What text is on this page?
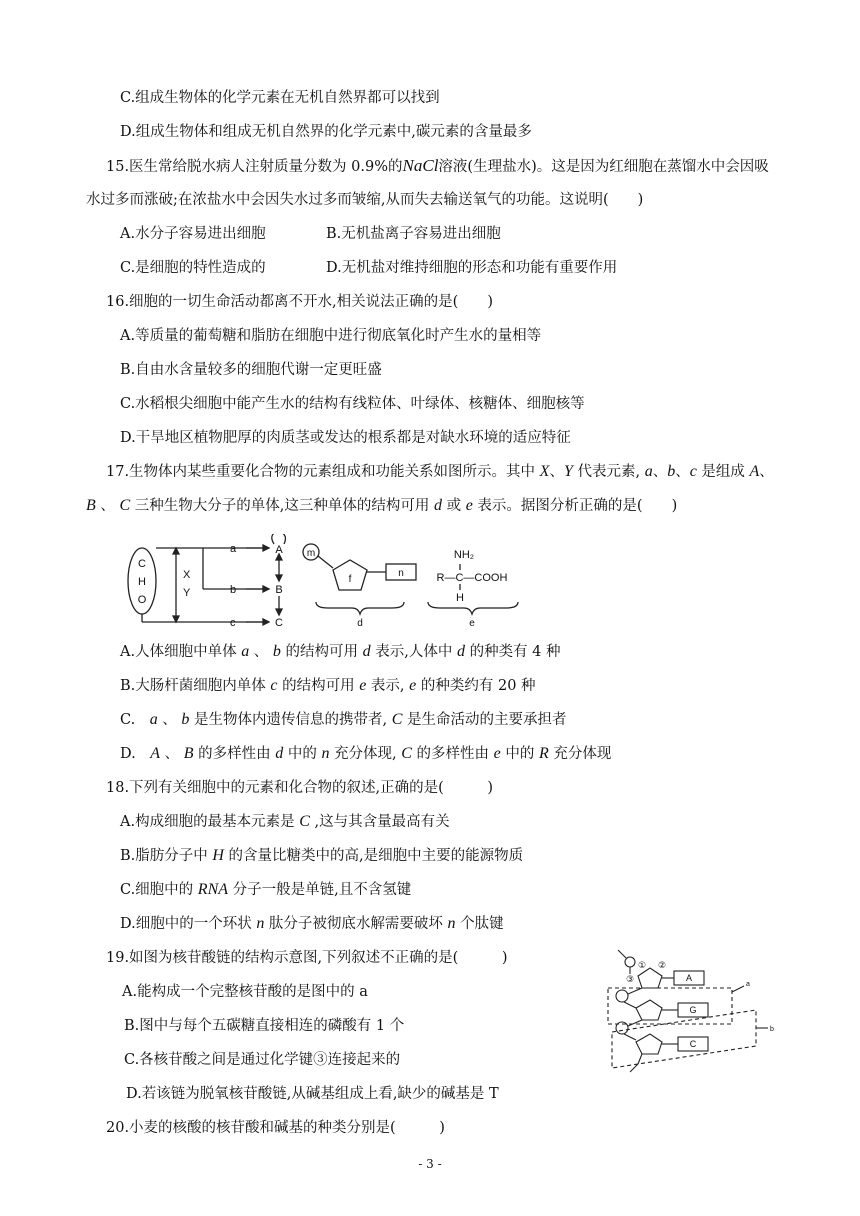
C.组成生物体的化学元素在无机自然界都可以找到
D.组成生物体和组成无机自然界的化学元素中,碳元素的含量最多
15.医生常给脱水病人注射质量分数为 0.9%的NaCl溶液(生理盐水)。这是因为红细胞在蒸馏水中会因吸
水过多而涨破;在浓盐水中会因失水过多而皱缩,从而失去输送氧气的功能。这说明(　　)
A.水分子容易进出细胞	B.无机盐离子容易进出细胞
C.是细胞的特性造成的	D.无机盐对维持细胞的形态和功能有重要作用
16.细胞的一切生命活动都离不开水,相关说法正确的是(　　)
A.等质量的葡萄糖和脂肪在细胞中进行彻底氧化时产生水的量相等
B.自由水含量较多的细胞代谢一定更旺盛
C.水稻根尖细胞中能产生水的结构有线粒体、叶绿体、核糖体、细胞核等
D.干旱地区植物肥厚的肉质茎或发达的根系都是对缺水环境的适应特征
17.生物体内某些重要化合物的元素组成和功能关系如图所示。其中 X、Y 代表元素, a、b、c 是组成 A、
B 、 C 三种生物大分子的单体,这三种单体的结构可用 d 或 e 表示。据图分析正确的是(　　)
C
H
O
X
Y
a
b
c
A
B
C
m
f
n
d
NH₂
R—C—COOH
H
e
A.人体细胞中单体 a 、 b 的结构可用 d 表示,人体中 d 的种类有 4 种
B.大肠杆菌细胞内单体 c 的结构可用 e 表示, e 的种类约有 20 种
C.　a 、 b 是生物体内遗传信息的携带者, C 是生命活动的主要承担者
D.　A 、 B 的多样性由 d 中的 n 充分体现, C 的多样性由 e 中的 R 充分体现
18.下列有关细胞中的元素和化合物的叙述,正确的是(　　　)
A.构成细胞的最基本元素是 C ,这与其含量最高有关
B.脂肪分子中 H 的含量比糖类中的高,是细胞中主要的能源物质
C.细胞中的 RNA 分子一般是单链,且不含氢键
D.细胞中的一个环状 n 肽分子被彻底水解需要破坏 n 个肽键
19.如图为核苷酸链的结构示意图,下列叙述不正确的是(　　　)
A.能构成一个完整核苷酸的是图中的 a
B.图中与每个五碳糖直接相连的磷酸有 1 个
C.各核苷酸之间是通过化学键③连接起来的
D.若该链为脱氧核苷酸链,从碱基组成上看,缺少的碱基是 T
① ②
③	A
G
C
a
b
20.小麦的核酸的核苷酸和碱基的种类分别是(　　　)
- 3 -
